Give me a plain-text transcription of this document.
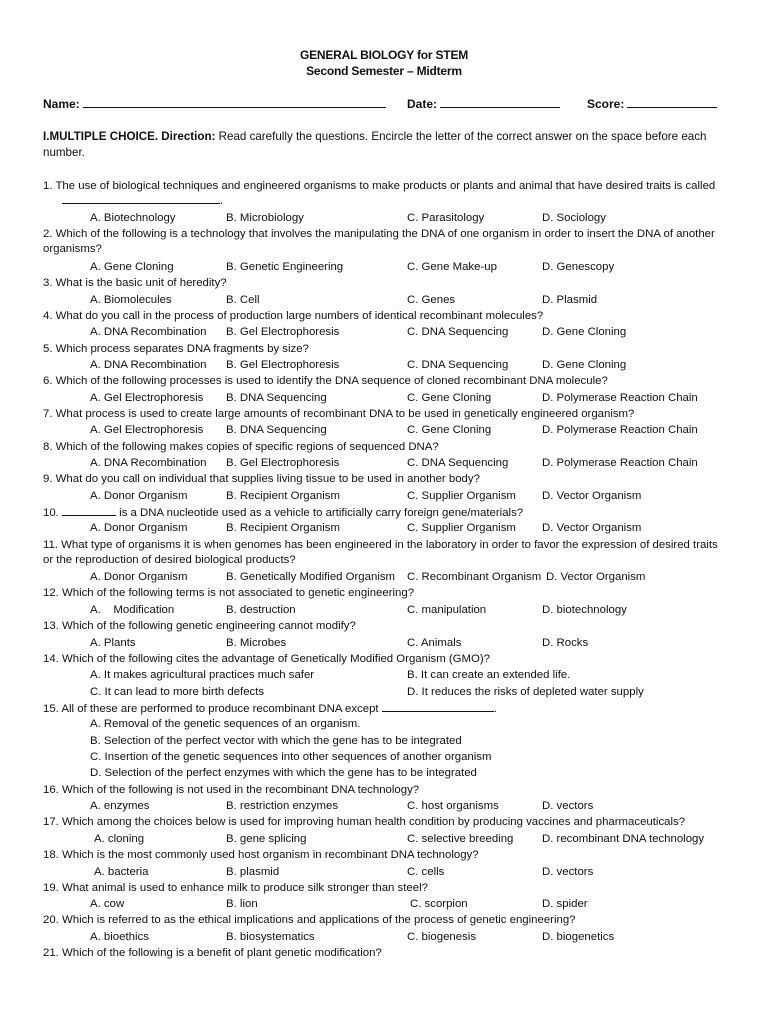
GENERAL BIOLOGY for STEM
Second Semester – Midterm
Name:	Date:	Score:
I.MULTIPLE CHOICE. Direction: Read carefully the questions. Encircle the letter of the correct answer on the space before each number.
1. The use of biological techniques and engineered organisms to make products or plants and animal that have desired traits is called
.
A. Biotechnology	B. Microbiology	C. Parasitology	D. Sociology
2. Which of the following is a technology that involves the manipulating the DNA of one organism in order to insert the DNA of another organisms?
A. Gene Cloning	B. Genetic Engineering	C. Gene Make-up	D. Genescopy
3. What is the basic unit of heredity?
A. Biomolecules	B. Cell	C. Genes	D. Plasmid
4. What do you call in the process of production large numbers of identical recombinant molecules?
A. DNA Recombination B. Gel Electrophoresis	C. DNA Sequencing	D. Gene Cloning
5. Which process separates DNA fragments by size?
A. DNA Recombination B. Gel Electrophoresis	C. DNA Sequencing	D. Gene Cloning
6. Which of the following processes is used to identify the DNA sequence of cloned recombinant DNA molecule?
A. Gel Electrophoresis B. DNA Sequencing	C. Gene Cloning	D. Polymerase Reaction Chain
7. What process is used to create large amounts of recombinant DNA to be used in genetically engineered organism?
A. Gel Electrophoresis B. DNA Sequencing	C. Gene Cloning	D. Polymerase Reaction Chain
8. Which of the following makes copies of specific regions of sequenced DNA?
A. DNA Recombination B. Gel Electrophoresis	C. DNA Sequencing	D. Polymerase Reaction Chain
9. What do you call on individual that supplies living tissue to be used in another body?
A. Donor Organism	B. Recipient Organism	C. Supplier Organism D. Vector Organism
10.	is a DNA nucleotide used as a vehicle to artificially carry foreign gene/materials?
A. Donor Organism	B. Recipient Organism	C. Supplier Organism D. Vector Organism
11. What type of organisms it is when genomes has been engineered in the laboratory in order to favor the expression of desired traits or the reproduction of desired biological products?
A. Donor Organism	B. Genetically Modified Organism C. Recombinant Organism D. Vector Organism
12. Which of the following terms is not associated to genetic engineering?
A.    Modification	B. destruction	C. manipulation	D. biotechnology
13. Which of the following genetic engineering cannot modify?
A. Plants	B. Microbes	C. Animals	D. Rocks
14. Which of the following cites the advantage of Genetically Modified Organism (GMO)?
A. It makes agricultural practices much safer	B. It can create an extended life.
C. It can lead to more birth defects	D. It reduces the risks of depleted water supply
15. All of these are performed to produce recombinant DNA except	.
A. Removal of the genetic sequences of an organism.
B. Selection of the perfect vector with which the gene has to be integrated
C. Insertion of the genetic sequences into other sequences of another organism
D. Selection of the perfect enzymes with which the gene has to be integrated
16. Which of the following is not used in the recombinant DNA technology?
A. enzymes	B. restriction enzymes	C. host organisms	D. vectors
17. Which among the choices below is used for improving human health condition by producing vaccines and pharmaceuticals?
A. cloning	B. gene splicing	C. selective breeding	D. recombinant DNA technology
18. Which is the most commonly used host organism in recombinant DNA technology?
A. bacteria	B. plasmid	C. cells	D. vectors
19. What animal is used to enhance milk to produce silk stronger than steel?
A. cow	B. lion	C. scorpion	D. spider
20. Which is referred to as the ethical implications and applications of the process of genetic engineering?
A. bioethics	B. biosystematics	C. biogenesis	D. biogenetics
21. Which of the following is a benefit of plant genetic modification?
